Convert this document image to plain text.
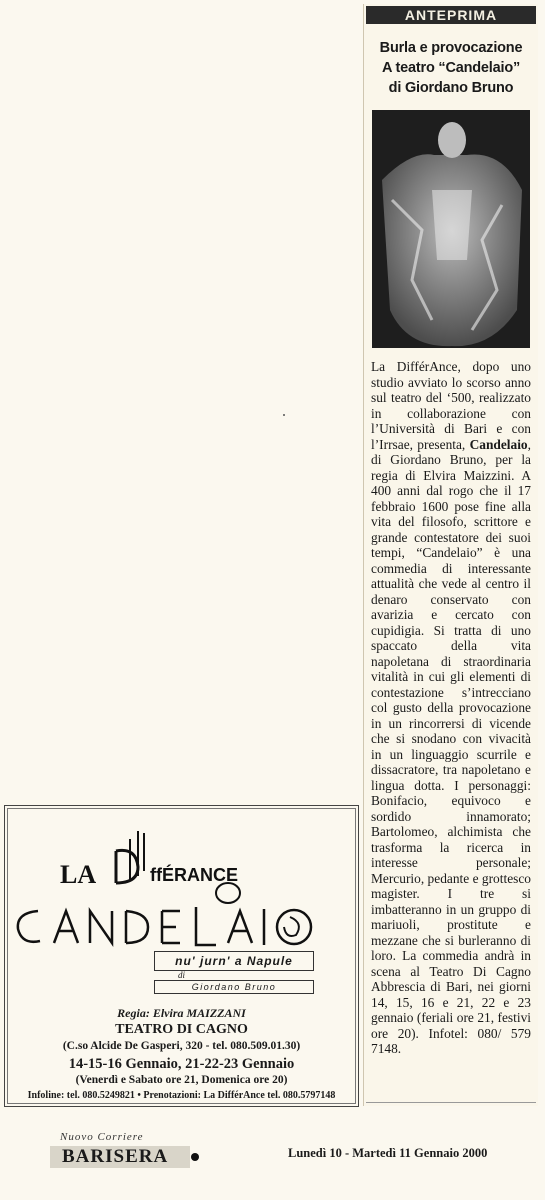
ANTEPRIMA
Burla e provocazione
A teatro “Candelaio”
di Giordano Bruno

La DifférAnce, dopo uno studio avviato lo scorso anno sul teatro del ‘500, realizzato in collaborazione con l’Università di Bari e con l’Irrsae, presenta, Candelaio, di Giordano Bruno, per la regia di Elvira Maizzini. A 400 anni dal rogo che il 17 febbraio 1600 pose fine alla vita del filosofo, scrittore e grande contestatore dei suoi tempi, “Candelaio” è una commedia di interessante attualità che vede al centro il denaro conservato con avarizia e cercato con cupidigia. Si tratta di uno spaccato della vita napoletana di straordinaria vitalità in cui gli elementi di contestazione s’intrecciano col gusto della provocazione in un rincorrersi di vicende che si snodano con vivacità in un linguaggio scurrile e dissacratore, tra napoletano e lingua dotta. I personaggi: Bonifacio, equivoco e sordido innamorato; Bartolomeo, alchimista che trasforma la ricerca in interesse personale; Mercurio, pedante e grottesco magister. I tre si imbatteranno in un gruppo di mariuoli, prostitute e mezzane che si burleranno di loro. La commedia andrà in scena al Teatro Di Cagno Abbrescia di Bari, nei giorni 14, 15, 16 e 21, 22 e 23 gennaio (feriali ore 21, festivi ore 20). Infotel: 080/ 579 7148.

LA	ffÉRANCE
nu' jurn' a Napule
di
Giordano Bruno
Regia: Elvira MAIZZANI
TEATRO DI CAGNO
(C.so Alcide De Gasperi, 320 - tel. 080.509.01.30)
14-15-16 Gennaio, 21-22-23 Gennaio
(Venerdì e Sabato ore 21, Domenica ore 20)
Infoline: tel. 080.5249821 • Prenotazioni: La DifférAnce tel. 080.5797148
Nuovo Corriere
BARISERA	Lunedì 10 - Martedì 11 Gennaio 2000
